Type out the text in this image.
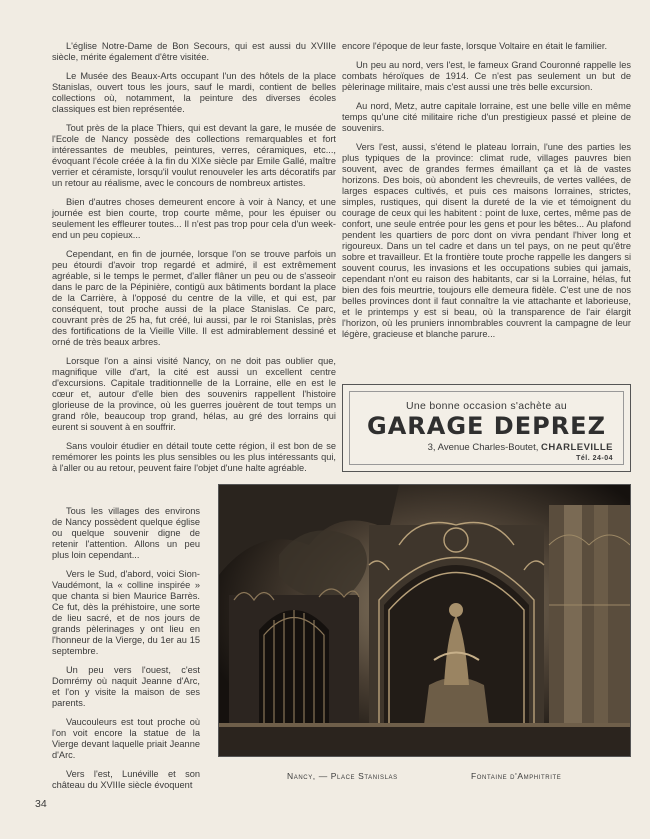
L'église Notre-Dame de Bon Secours, qui est aussi du XVIIIe siècle, mérite également d'être visitée.

Le Musée des Beaux-Arts occupant l'un des hôtels de la place Stanislas, ouvert tous les jours, sauf le mardi, contient de belles collections où, notamment, la peinture des diverses écoles classiques est bien représentée.

Tout près de la place Thiers, qui est devant la gare, le musée de l'Ecole de Nancy possède des collections remarquables et fort intéressantes de meubles, peintures, verres, céramiques, etc..., évoquant l'école créée à la fin du XIXe siècle par Emile Gallé, maître verrier et céramiste, lorsqu'il voulut renouveler les arts décoratifs par un retour au réalisme, avec le concours de nombreux artistes.

Bien d'autres choses demeurent encore à voir à Nancy, et une journée est bien courte, trop courte même, pour les épuiser ou seulement les effleurer toutes... Il n'est pas trop pour cela d'un week-end un peu copieux...

Cependant, en fin de journée, lorsque l'on se trouve parfois un peu étourdi d'avoir trop regardé et admiré, il est extrêmement agréable, si le temps le permet, d'aller flâner un peu ou de s'asseoir dans le parc de la Pépinière, contigü aux bâtiments bordant la place de la Carrière, à l'opposé du centre de la ville, et qui est, par conséquent, tout proche aussi de la place Stanislas. Ce parc, couvrant près de 25 ha, fut créé, lui aussi, par le roi Stanislas, près des fortifications de la Vieille Ville. Il est admirablement dessiné et orné de très beaux arbres.

Lorsque l'on a ainsi visité Nancy, on ne doit pas oublier que, magnifique ville d'art, la cité est aussi un excellent centre d'excursions. Capitale traditionnelle de la Lorraine, elle en est le cœur et, autour d'elle bien des souvenirs rappellent l'histoire glorieuse de la province, où les guerres jouèrent de tout temps un grand rôle, beaucoup trop grand, hélas, au gré des lorrains qui eurent si souvent à en souffrir.

Sans vouloir étudier en détail toute cette région, il est bon de se remémorer les points les plus sensibles ou les plus intéressants qui, à l'aller ou au retour, peuvent faire l'objet d'une halte agréable.

Tous les villages des environs de Nancy possèdent quelque église ou quelque souvenir digne de retenir l'attention. Allons un peu plus loin cependant...

Vers le Sud, d'abord, voici Sion-Vaudémont, la « colline inspirée » que chanta si bien Maurice Barrès. Ce fut, dès la préhistoire, une sorte de lieu sacré, et de nos jours de grands pèlerinages y ont lieu en l'honneur de la Vierge, du 1er au 15 septembre.

Un peu vers l'ouest, c'est Domrémy où naquit Jeanne d'Arc, et l'on y visite la maison de ses parents.

Vaucouleurs est tout proche où l'on voit encore la statue de la Vierge devant laquelle priait Jeanne d'Arc.

Vers l'est, Lunéville et son château du XVIIIe siècle évoquent

encore l'époque de leur faste, lorsque Voltaire en était le familier.

Un peu au nord, vers l'est, le fameux Grand Couronné rappelle les combats héroïques de 1914. Ce n'est pas seulement un but de pèlerinage militaire, mais c'est aussi une très belle excursion.

Au nord, Metz, autre capitale lorraine, est une belle ville en même temps qu'une cité militaire riche d'un prestigieux passé et pleine de souvenirs.

Vers l'est, aussi, s'étend le plateau lorrain, l'une des parties les plus typiques de la province: climat rude, villages pauvres bien souvent, avec de grandes fermes émaillant ça et là de vastes horizons. Des bois, où abondent les chevreuils, de vertes vallées, de larges espaces cultivés, et puis ces maisons lorraines, strictes, simples, rustiques, qui disent la dureté de la vie et témoignent du courage de ceux qui les habitent : point de luxe, certes, même pas de confort, une seule entrée pour les gens et pour les bêtes... Au plafond pendent les quartiers de porc dont on vivra pendant l'hiver long et rigoureux. Dans un tel cadre et dans un tel pays, on ne peut qu'être sobre et travailleur. Et la frontière toute proche rappelle les dangers si souvent courus, les invasions et les occupations subies qui jamais, cependant n'ont eu raison des habitants, car si la Lorraine, hélas, fut bien des fois meurtrie, toujours elle demeura fidèle. C'est une de nos belles provinces dont il faut connaître la vie attachante et laborieuse, et le printemps y est si beau, où la transparence de l'air élargit l'horizon, où les pruniers innombrables couvrent la campagne de leur légère, gracieuse et blanche parure...

Une bonne occasion s'achète au
GARAGE DEPREZ
3, Avenue Charles-Boutet, CHARLEVILLE
Tél. 24-04
Nancy, — Place Stanislas	Fontaine d'Amphitrite
34
